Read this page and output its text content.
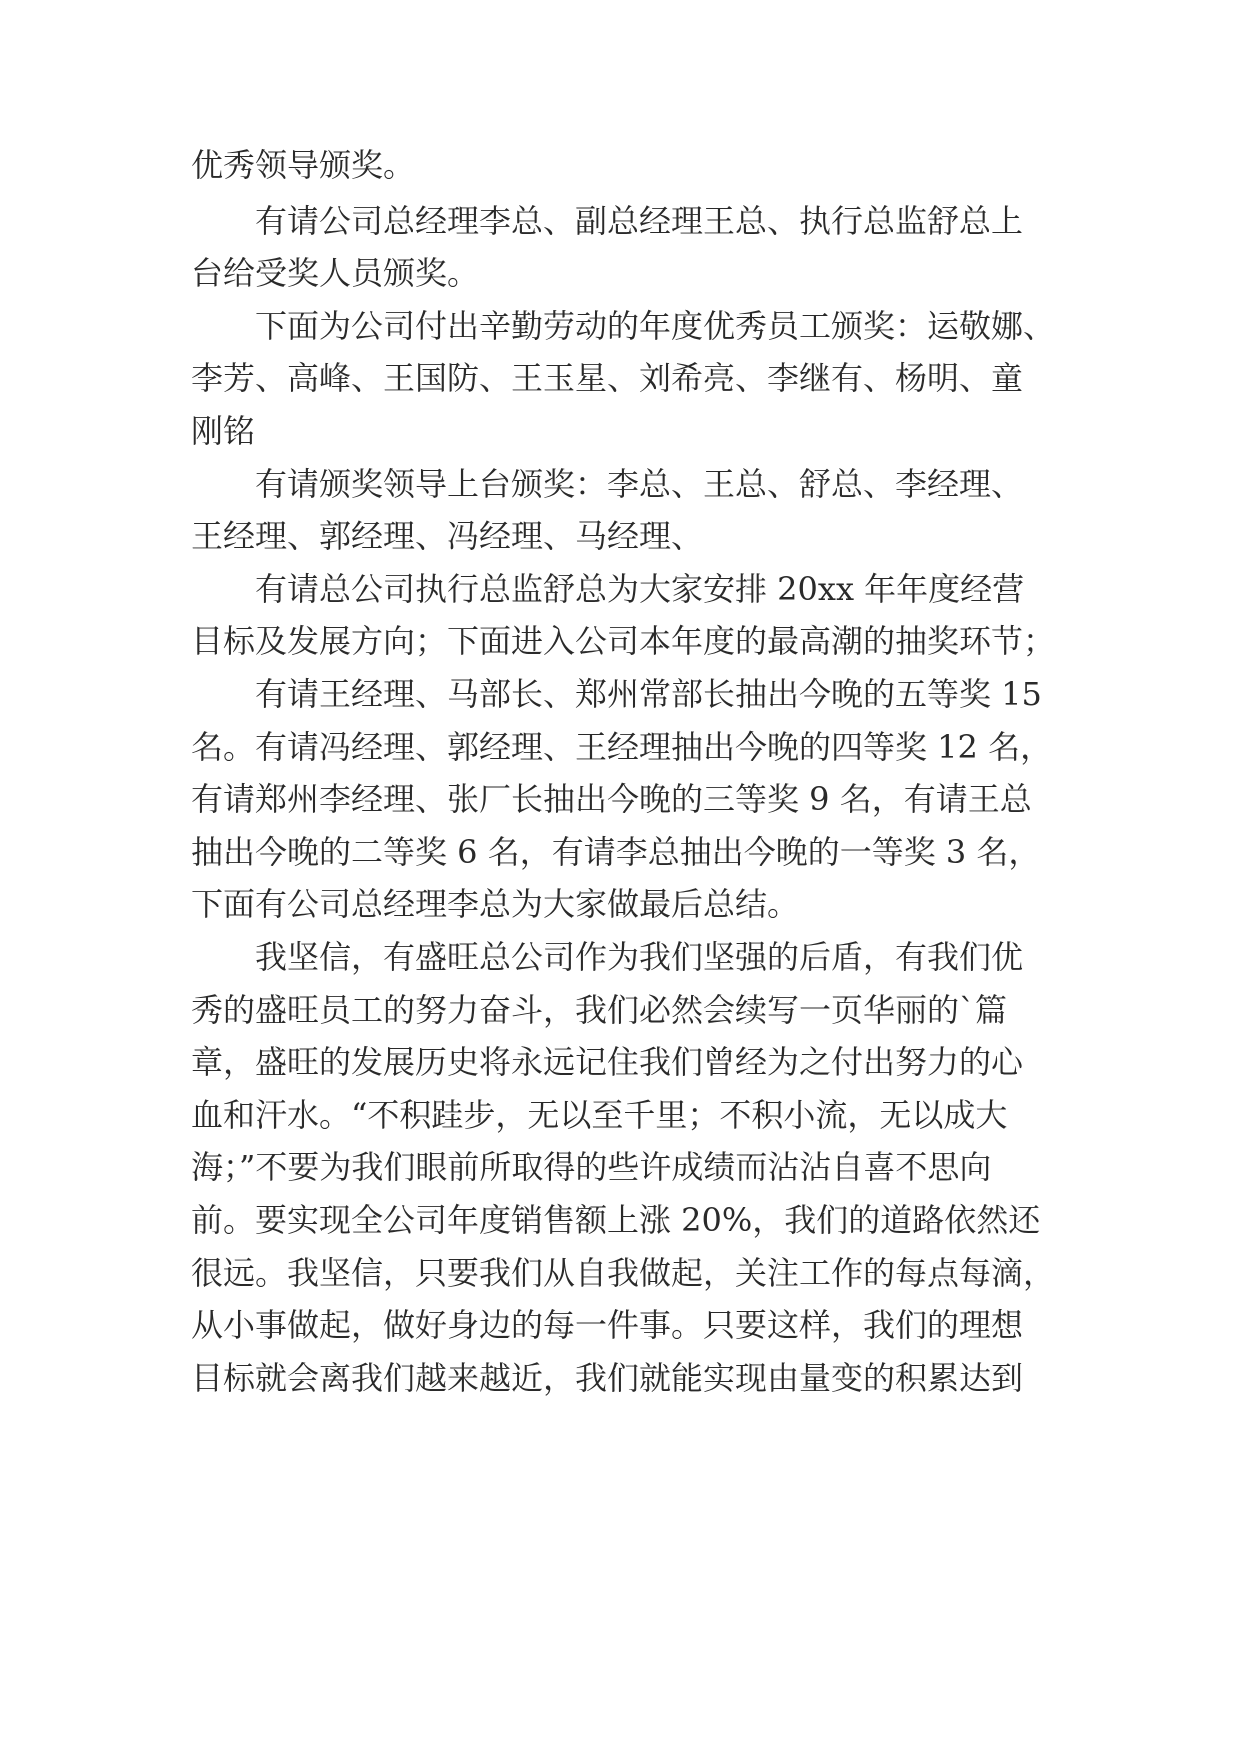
优秀领导颁奖。
有请公司总经理李总、副总经理王总、执行总监舒总上
台给受奖人员颁奖。
下面为公司付出辛勤劳动的年度优秀员工颁奖：运敬娜、
李芳、高峰、王国防、王玉星、刘希亮、李继有、杨明、童
刚铭
有请颁奖领导上台颁奖：李总、王总、舒总、李经理、
王经理、郭经理、冯经理、马经理、
有请总公司执行总监舒总为大家安排 20xx 年年度经营
目标及发展方向；下面进入公司本年度的最高潮的抽奖环节；
有请王经理、马部长、郑州常部长抽出今晚的五等奖 15
名。有请冯经理、郭经理、王经理抽出今晚的四等奖 12 名，
有请郑州李经理、张厂长抽出今晚的三等奖 9 名，有请王总
抽出今晚的二等奖 6 名，有请李总抽出今晚的一等奖 3 名，
下面有公司总经理李总为大家做最后总结。
我坚信，有盛旺总公司作为我们坚强的后盾，有我们优
秀的盛旺员工的努力奋斗，我们必然会续写一页华丽的`篇
章，盛旺的发展历史将永远记住我们曾经为之付出努力的心
血和汗水。“不积跬步，无以至千里；不积小流，无以成大
海；”不要为我们眼前所取得的些许成绩而沾沾自喜不思向
前。要实现全公司年度销售额上涨 20%，我们的道路依然还
很远。我坚信，只要我们从自我做起，关注工作的每点每滴，
从小事做起，做好身边的每一件事。只要这样，我们的理想
目标就会离我们越来越近，我们就能实现由量变的积累达到
